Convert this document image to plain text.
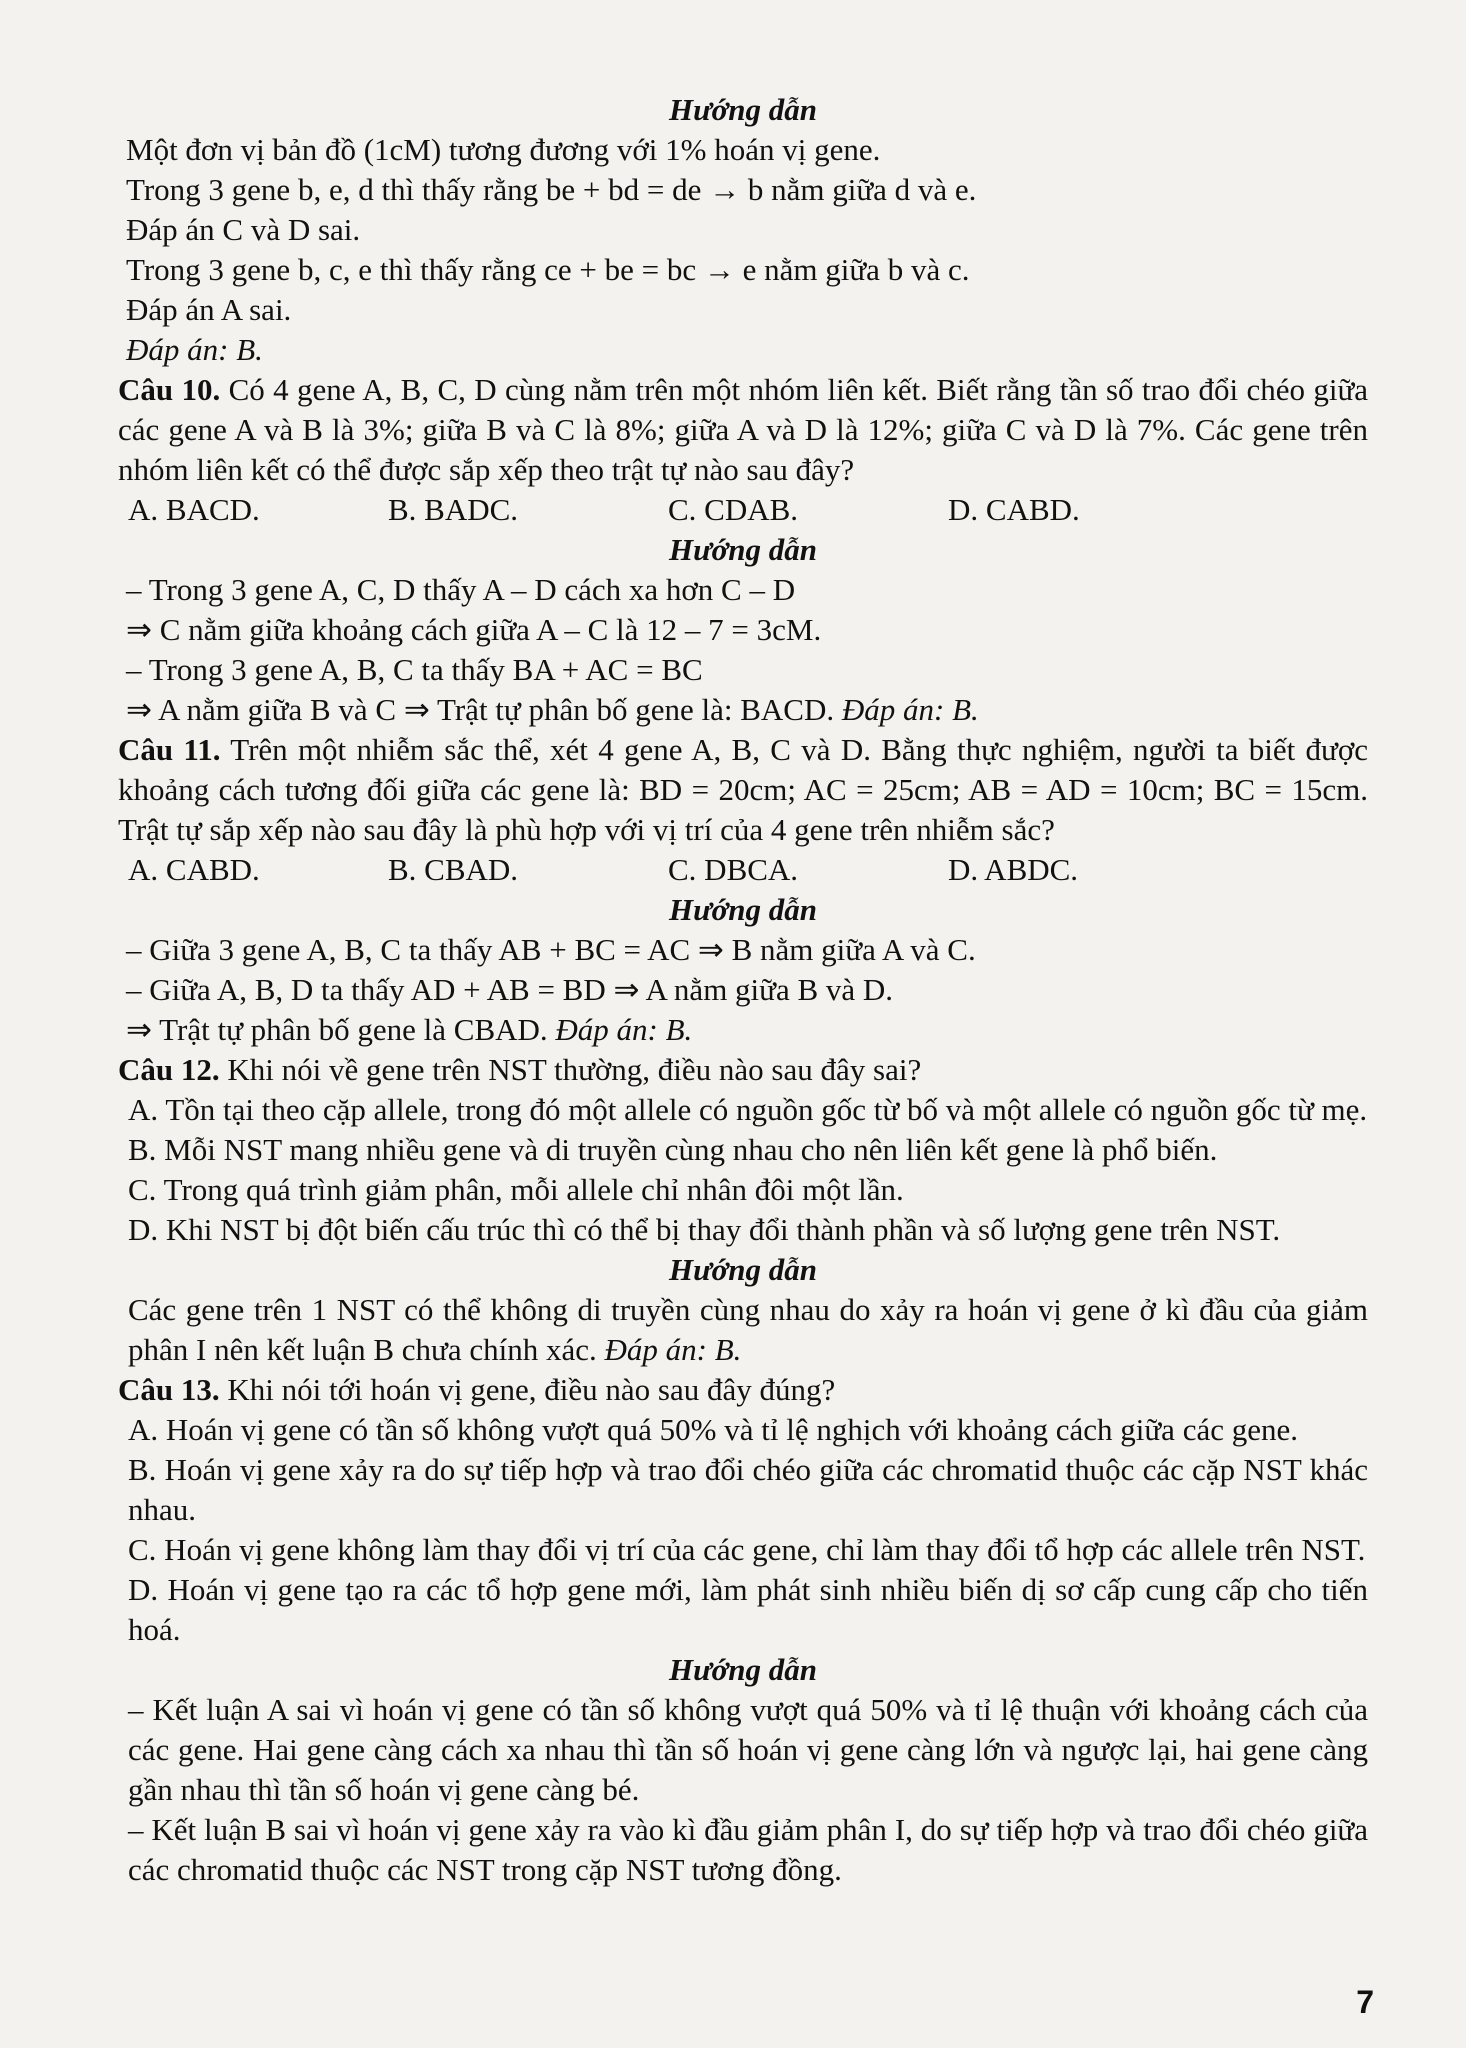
Hướng dẫn

Một đơn vị bản đồ (1cM) tương đương với 1% hoán vị gene.

Trong 3 gene b, e, d thì thấy rằng be + bd = de → b nằm giữa d và e.

Đáp án C và D sai.

Trong 3 gene b, c, e thì thấy rằng ce + be = bc → e nằm giữa b và c.

Đáp án A sai.

Đáp án: B.

Câu 10. Có 4 gene A, B, C, D cùng nằm trên một nhóm liên kết. Biết rằng tần số trao đổi chéo giữa các gene A và B là 3%; giữa B và C là 8%; giữa A và D là 12%; giữa C và D là 7%. Các gene trên nhóm liên kết có thể được sắp xếp theo trật tự nào sau đây?

A. BACD.	B. BADC.	C. CDAB.	D. CABD.

Hướng dẫn

– Trong 3 gene A, C, D thấy A – D cách xa hơn C – D

⇒ C nằm giữa khoảng cách giữa A – C là 12 – 7 = 3cM.

– Trong 3 gene A, B, C ta thấy BA + AC = BC

⇒ A nằm giữa B và C ⇒ Trật tự phân bố gene là: BACD. Đáp án: B.

Câu 11. Trên một nhiễm sắc thể, xét 4 gene A, B, C và D. Bằng thực nghiệm, người ta biết được khoảng cách tương đối giữa các gene là: BD = 20cm; AC = 25cm; AB = AD = 10cm; BC = 15cm. Trật tự sắp xếp nào sau đây là phù hợp với vị trí của 4 gene trên nhiễm sắc?

A. CABD.	B. CBAD.	C. DBCA.	D. ABDC.

Hướng dẫn

– Giữa 3 gene A, B, C ta thấy AB + BC = AC ⇒ B nằm giữa A và C.

– Giữa A, B, D ta thấy AD + AB = BD ⇒ A nằm giữa B và D.

⇒ Trật tự phân bố gene là CBAD. Đáp án: B.

Câu 12. Khi nói về gene trên NST thường, điều nào sau đây sai?

A. Tồn tại theo cặp allele, trong đó một allele có nguồn gốc từ bố và một allele có nguồn gốc từ mẹ.

B. Mỗi NST mang nhiều gene và di truyền cùng nhau cho nên liên kết gene là phổ biến.

C. Trong quá trình giảm phân, mỗi allele chỉ nhân đôi một lần.

D. Khi NST bị đột biến cấu trúc thì có thể bị thay đổi thành phần và số lượng gene trên NST.

Hướng dẫn

Các gene trên 1 NST có thể không di truyền cùng nhau do xảy ra hoán vị gene ở kì đầu của giảm phân I nên kết luận B chưa chính xác. Đáp án: B.

Câu 13. Khi nói tới hoán vị gene, điều nào sau đây đúng?

A. Hoán vị gene có tần số không vượt quá 50% và tỉ lệ nghịch với khoảng cách giữa các gene.

B. Hoán vị gene xảy ra do sự tiếp hợp và trao đổi chéo giữa các chromatid thuộc các cặp NST khác nhau.

C. Hoán vị gene không làm thay đổi vị trí của các gene, chỉ làm thay đổi tổ hợp các allele trên NST.

D. Hoán vị gene tạo ra các tổ hợp gene mới, làm phát sinh nhiều biến dị sơ cấp cung cấp cho tiến hoá.

Hướng dẫn

– Kết luận A sai vì hoán vị gene có tần số không vượt quá 50% và tỉ lệ thuận với khoảng cách của các gene. Hai gene càng cách xa nhau thì tần số hoán vị gene càng lớn và ngược lại, hai gene càng gần nhau thì tần số hoán vị gene càng bé.

– Kết luận B sai vì hoán vị gene xảy ra vào kì đầu giảm phân I, do sự tiếp hợp và trao đổi chéo giữa các chromatid thuộc các NST trong cặp NST tương đồng.

7
